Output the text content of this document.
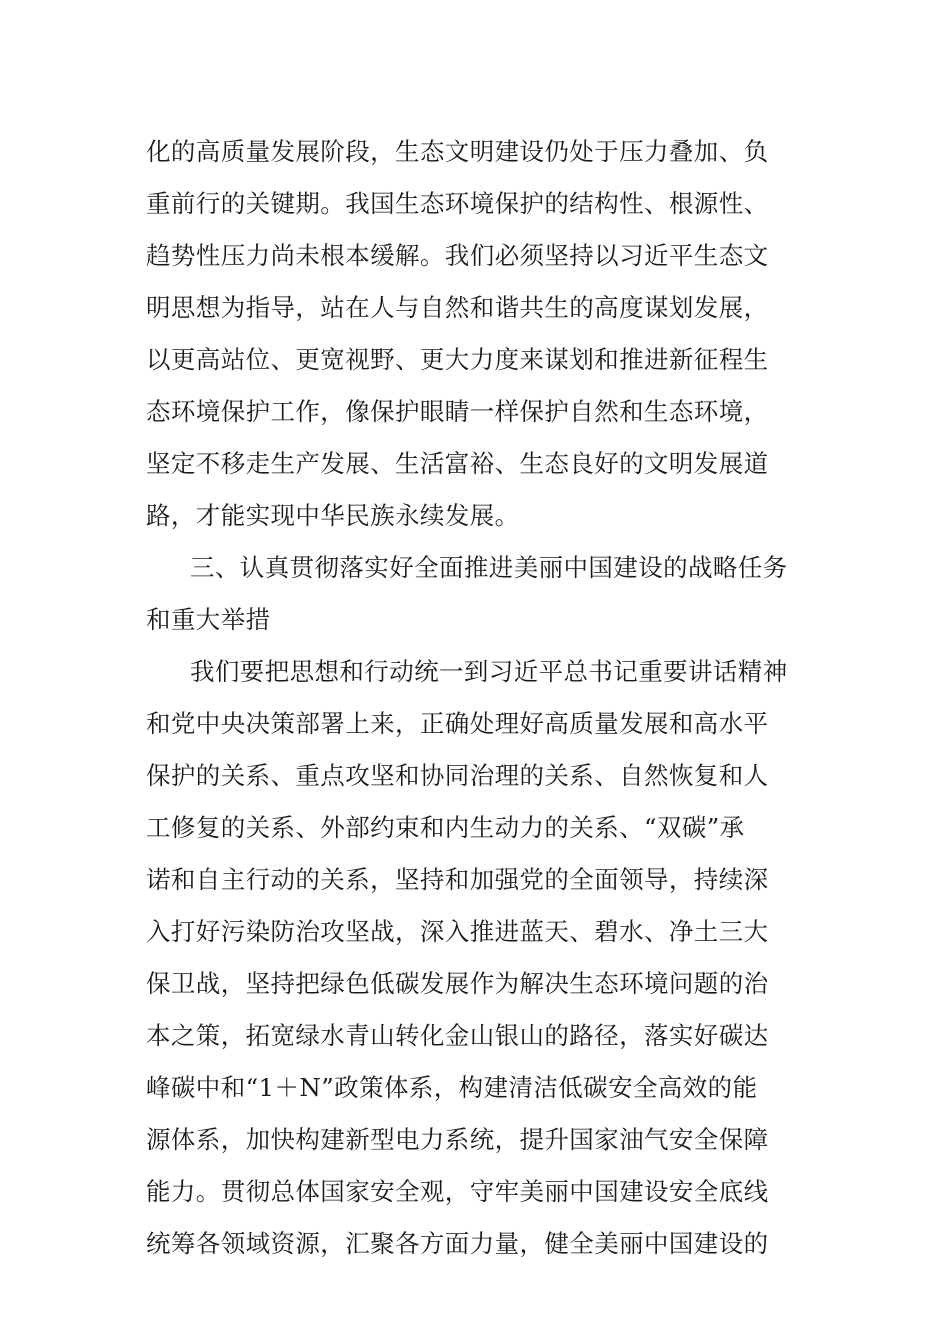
化的高质量发展阶段，生态文明建设仍处于压力叠加、负
重前行的关键期。我国生态环境保护的结构性、根源性、
趋势性压力尚未根本缓解。我们必须坚持以习近平生态文
明思想为指导，站在人与自然和谐共生的高度谋划发展，
以更高站位、更宽视野、更大力度来谋划和推进新征程生
态环境保护工作，像保护眼睛一样保护自然和生态环境，
坚定不移走生产发展、生活富裕、生态良好的文明发展道
路，才能实现中华民族永续发展。
三、认真贯彻落实好全面推进美丽中国建设的战略任务
和重大举措
我们要把思想和行动统一到习近平总书记重要讲话精神
和党中央决策部署上来，正确处理好高质量发展和高水平
保护的关系、重点攻坚和协同治理的关系、自然恢复和人
工修复的关系、外部约束和内生动力的关系、“双碳”承
诺和自主行动的关系，坚持和加强党的全面领导，持续深
入打好污染防治攻坚战，深入推进蓝天、碧水、净土三大
保卫战，坚持把绿色低碳发展作为解决生态环境问题的治
本之策，拓宽绿水青山转化金山银山的路径，落实好碳达
峰碳中和“1＋N”政策体系，构建清洁低碳安全高效的能
源体系，加快构建新型电力系统，提升国家油气安全保障
能力。贯彻总体国家安全观，守牢美丽中国建设安全底线
统筹各领域资源，汇聚各方面力量，健全美丽中国建设的
